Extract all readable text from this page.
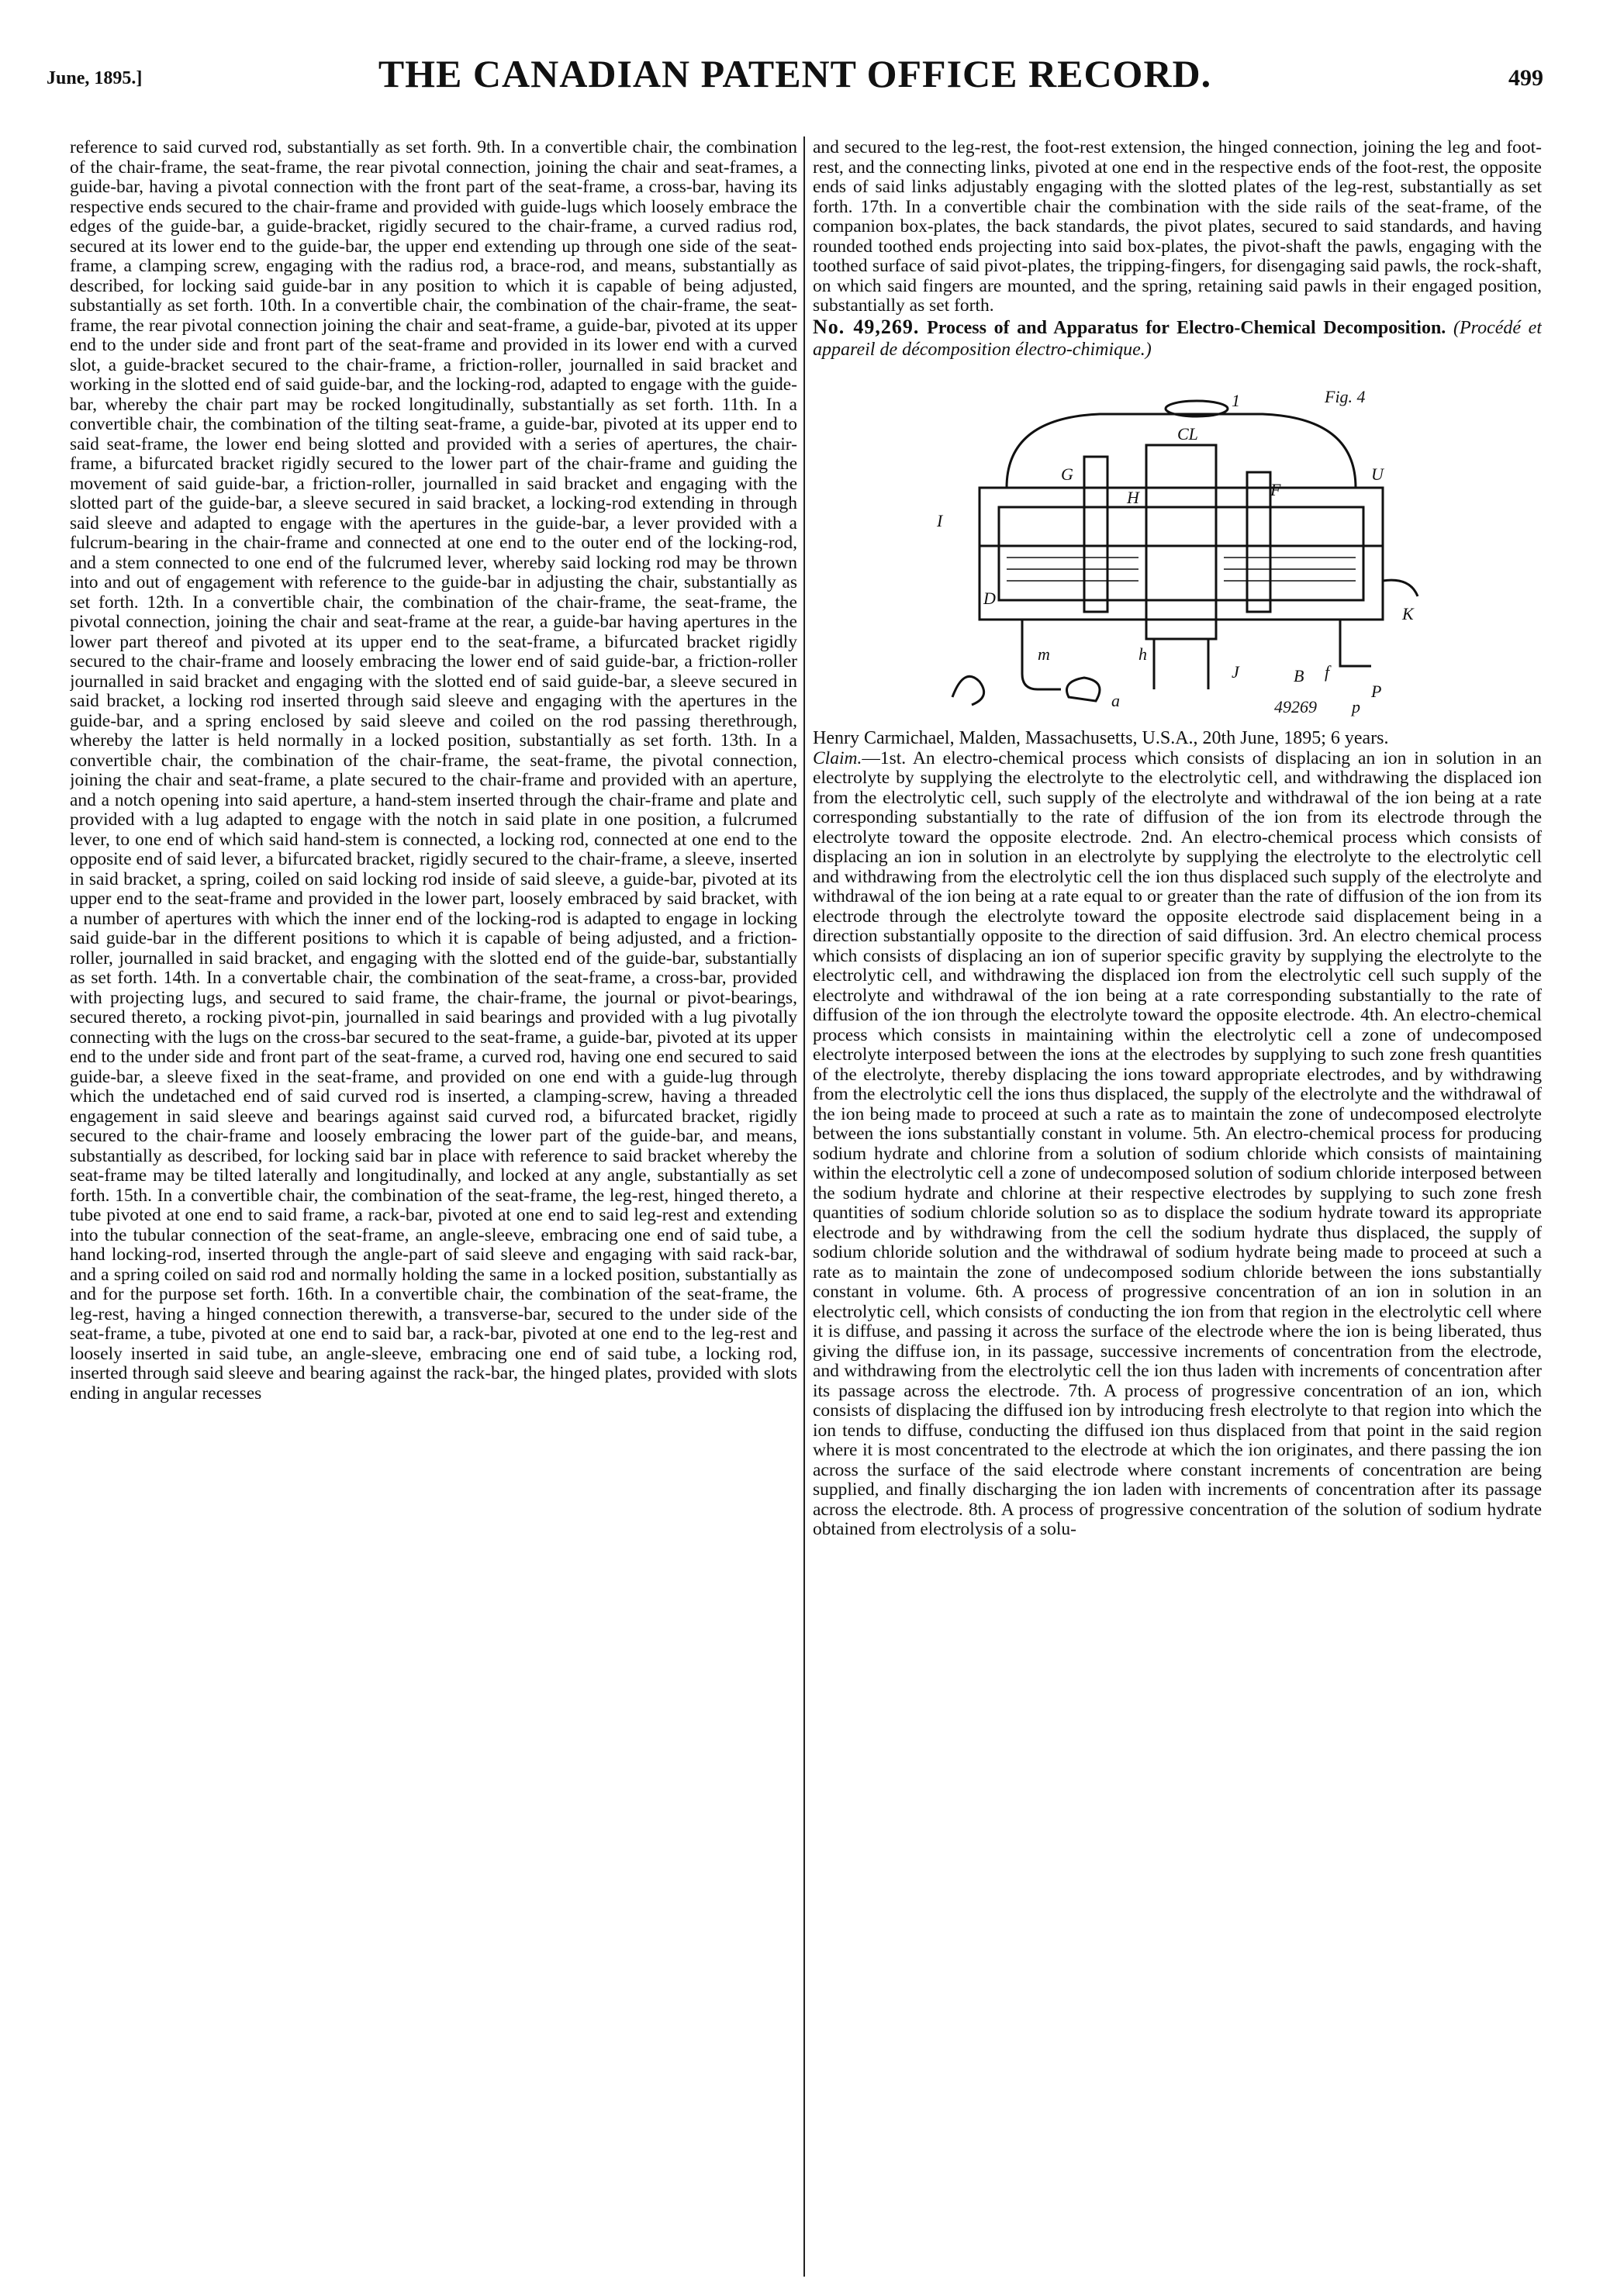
June, 1895.]	THE CANADIAN PATENT OFFICE RECORD.	499

reference to said curved rod, substantially as set forth. 9th. In a convertible chair, the combination of the chair-frame, the seat-frame, the rear pivotal connection, joining the chair and seat-frames, a guide-bar, having a pivotal connection with the front part of the seat-frame, a cross-bar, having its respective ends secured to the chair-frame and provided with guide-lugs which loosely embrace the edges of the guide-bar, a guide-bracket, rigidly secured to the chair-frame, a curved radius rod, secured at its lower end to the guide-bar, the upper end extending up through one side of the seat-frame, a clamping screw, engaging with the radius rod, a brace-rod, and means, substantially as described, for locking said guide-bar in any position to which it is capable of being adjusted, substantially as set forth. 10th. In a convertible chair, the combination of the chair-frame, the seat-frame, the rear pivotal connection joining the chair and seat-frame, a guide-bar, pivoted at its upper end to the under side and front part of the seat-frame and provided in its lower end with a curved slot, a guide-bracket secured to the chair-frame, a friction-roller, journalled in said bracket and working in the slotted end of said guide-bar, and the locking-rod, adapted to engage with the guide-bar, whereby the chair part may be rocked longitudinally, substantially as set forth. 11th. In a convertible chair, the combination of the tilting seat-frame, a guide-bar, pivoted at its upper end to said seat-frame, the lower end being slotted and provided with a series of apertures, the chair-frame, a bifurcated bracket rigidly secured to the lower part of the chair-frame and guiding the movement of said guide-bar, a friction-roller, journalled in said bracket and engaging with the slotted part of the guide-bar, a sleeve secured in said bracket, a locking-rod extending in through said sleeve and adapted to engage with the apertures in the guide-bar, a lever provided with a fulcrum-bearing in the chair-frame and connected at one end to the outer end of the locking-rod, and a stem connected to one end of the fulcrumed lever, whereby said locking rod may be thrown into and out of engagement with reference to the guide-bar in adjusting the chair, substantially as set forth. 12th. In a convertible chair, the combination of the chair-frame, the seat-frame, the pivotal connection, joining the chair and seat-frame at the rear, a guide-bar having apertures in the lower part thereof and pivoted at its upper end to the seat-frame, a bifurcated bracket rigidly secured to the chair-frame and loosely embracing the lower end of said guide-bar, a friction-roller journalled in said bracket and engaging with the slotted end of said guide-bar, a sleeve secured in said bracket, a locking rod inserted through said sleeve and engaging with the apertures in the guide-bar, and a spring enclosed by said sleeve and coiled on the rod passing therethrough, whereby the latter is held normally in a locked position, substantially as set forth. 13th. In a convertible chair, the combination of the chair-frame, the seat-frame, the pivotal connection, joining the chair and seat-frame, a plate secured to the chair-frame and provided with an aperture, and a notch opening into said aperture, a hand-stem inserted through the chair-frame and plate and provided with a lug adapted to engage with the notch in said plate in one position, a fulcrumed lever, to one end of which said hand-stem is connected, a locking rod, connected at one end to the opposite end of said lever, a bifurcated bracket, rigidly secured to the chair-frame, a sleeve, inserted in said bracket, a spring, coiled on said locking rod inside of said sleeve, a guide-bar, pivoted at its upper end to the seat-frame and provided in the lower part, loosely embraced by said bracket, with a number of apertures with which the inner end of the locking-rod is adapted to engage in locking said guide-bar in the different positions to which it is capable of being adjusted, and a friction-roller, journalled in said bracket, and engaging with the slotted end of the guide-bar, substantially as set forth. 14th. In a convertable chair, the combination of the seat-frame, a cross-bar, provided with projecting lugs, and secured to said frame, the chair-frame, the journal or pivot-bearings, secured thereto, a rocking pivot-pin, journalled in said bearings and provided with a lug pivotally connecting with the lugs on the cross-bar secured to the seat-frame, a guide-bar, pivoted at its upper end to the under side and front part of the seat-frame, a curved rod, having one end secured to said guide-bar, a sleeve fixed in the seat-frame, and provided on one end with a guide-lug through which the undetached end of said curved rod is inserted, a clamping-screw, having a threaded engagement in said sleeve and bearings against said curved rod, a bifurcated bracket, rigidly secured to the chair-frame and loosely embracing the lower part of the guide-bar, and means, substantially as described, for locking said bar in place with reference to said bracket whereby the seat-frame may be tilted laterally and longitudinally, and locked at any angle, substantially as set forth. 15th. In a convertible chair, the combination of the seat-frame, the leg-rest, hinged thereto, a tube pivoted at one end to said frame, a rack-bar, pivoted at one end to said leg-rest and extending into the tubular connection of the seat-frame, an angle-sleeve, embracing one end of said tube, a hand locking-rod, inserted through the angle-part of said sleeve and engaging with said rack-bar, and a spring coiled on said rod and normally holding the same in a locked position, substantially as and for the purpose set forth. 16th. In a convertible chair, the combination of the seat-frame, the leg-rest, having a hinged connection therewith, a transverse-bar, secured to the under side of the seat-frame, a tube, pivoted at one end to said bar, a rack-bar, pivoted at one end to the leg-rest and loosely inserted in said tube, an angle-sleeve, embracing one end of said tube, a locking rod, inserted through said sleeve and bearing against the rack-bar, the hinged plates, provided with slots ending in angular recesses

and secured to the leg-rest, the foot-rest extension, the hinged connection, joining the leg and foot-rest, and the connecting links, pivoted at one end in the respective ends of the foot-rest, the opposite ends of said links adjustably engaging with the slotted plates of the leg-rest, substantially as set forth. 17th. In a convertible chair the combination with the side rails of the seat-frame, of the companion box-plates, the back standards, the pivot plates, secured to said standards, and having rounded toothed ends projecting into said box-plates, the pivot-shaft the pawls, engaging with the toothed surface of said pivot-plates, the tripping-fingers, for disengaging said pawls, the rock-shaft, on which said fingers are mounted, and the spring, retaining said pawls in their engaged position, substantially as set forth.

No. 49,269. Process of and Apparatus for Electro-Chemical Decomposition. (Procédé et appareil de décomposition électro-chimique.)

Fig. 4
49269
1
CL
U
G
H	F
P
K
I
D
J	B
a
f
h
p
m

Henry Carmichael, Malden, Massachusetts, U.S.A., 20th June, 1895; 6 years.

Claim.—1st. An electro-chemical process which consists of displacing an ion in solution in an electrolyte by supplying the electrolyte to the electrolytic cell, and withdrawing the displaced ion from the electrolytic cell, such supply of the electrolyte and withdrawal of the ion being at a rate corresponding substantially to the rate of diffusion of the ion from its electrode through the electrolyte toward the opposite electrode. 2nd. An electro-chemical process which consists of displacing an ion in solution in an electrolyte by supplying the electrolyte to the electrolytic cell and withdrawing from the electrolytic cell the ion thus displaced such supply of the electrolyte and withdrawal of the ion being at a rate equal to or greater than the rate of diffusion of the ion from its electrode through the electrolyte toward the opposite electrode said displacement being in a direction substantially opposite to the direction of said diffusion. 3rd. An electro chemical process which consists of displacing an ion of superior specific gravity by supplying the electrolyte to the electrolytic cell, and withdrawing the displaced ion from the electrolytic cell such supply of the electrolyte and withdrawal of the ion being at a rate corresponding substantially to the rate of diffusion of the ion through the electrolyte toward the opposite electrode. 4th. An electro-chemical process which consists in maintaining within the electrolytic cell a zone of undecomposed electrolyte interposed between the ions at the electrodes by supplying to such zone fresh quantities of the electrolyte, thereby displacing the ions toward appropriate electrodes, and by withdrawing from the electrolytic cell the ions thus displaced, the supply of the electrolyte and the withdrawal of the ion being made to proceed at such a rate as to maintain the zone of undecomposed electrolyte between the ions substantially constant in volume. 5th. An electro-chemical process for producing sodium hydrate and chlorine from a solution of sodium chloride which consists of maintaining within the electrolytic cell a zone of undecomposed solution of sodium chloride interposed between the sodium hydrate and chlorine at their respective electrodes by supplying to such zone fresh quantities of sodium chloride solution so as to displace the sodium hydrate toward its appropriate electrode and by withdrawing from the cell the sodium hydrate thus displaced, the supply of sodium chloride solution and the withdrawal of sodium hydrate being made to proceed at such a rate as to maintain the zone of undecomposed sodium chloride between the ions substantially constant in volume. 6th. A process of progressive concentration of an ion in solution in an electrolytic cell, which consists of conducting the ion from that region in the electrolytic cell where it is diffuse, and passing it across the surface of the electrode where the ion is being liberated, thus giving the diffuse ion, in its passage, successive increments of concentration from the electrode, and withdrawing from the electrolytic cell the ion thus laden with increments of concentration after its passage across the electrode. 7th. A process of progressive concentration of an ion, which consists of displacing the diffused ion by introducing fresh electrolyte to that region into which the ion tends to diffuse, conducting the diffused ion thus displaced from that point in the said region where it is most concentrated to the electrode at which the ion originates, and there passing the ion across the surface of the said electrode where constant increments of concentration are being supplied, and finally discharging the ion laden with increments of concentration after its passage across the electrode. 8th. A process of progressive concentration of the solution of sodium hydrate obtained from electrolysis of a solu-
